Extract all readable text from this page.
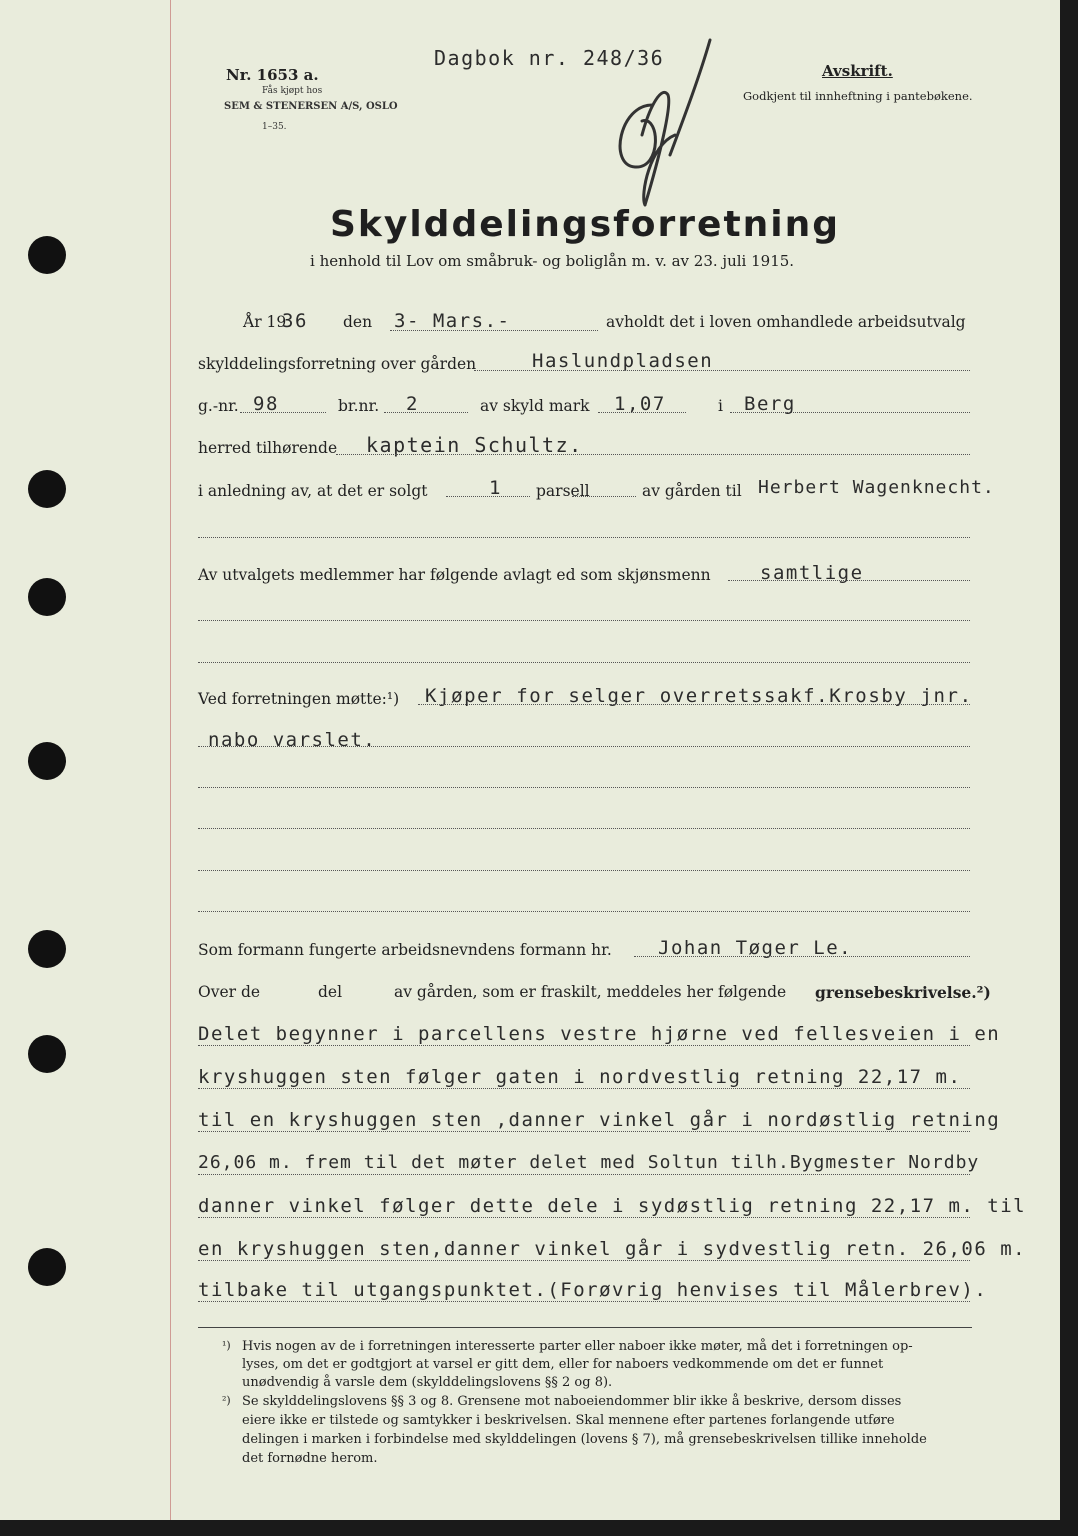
Nr. 1653 a.
Fås kjøpt hos
SEM & STENERSEN A/S, OSLO
1–35.
Dagbok nr. 248/36
Avskrift.
Godkjent til innheftning i pantebøkene.
Skylddelingsforretning
i henhold til Lov om småbruk- og boliglån m. v. av 23. juli 1915.
År 19
36 den 3- Mars.-	avholdt det i loven omhandlede arbeidsutvalg
skylddelingsforretning over gården	Haslundpladsen
g.-nr. 98	br.nr. 2	av skyld mark 1,07	i Berg
herred tilhørende kaptein Schultz.
i anledning av, at det er solgt	1 parsell	av gården til Herbert Wagenknecht.
Av utvalgets medlemmer har følgende avlagt ed som skjønsmenn	samtlige
Ved forretningen møtte:¹) Kjøper for selger overretssakf.Krosby jnr.
nabo varslet.
Som formann fungerte arbeidsnevndens formann hr. Johan Tøger Le.
Over de	del	av gården, som er fraskilt, meddeles her følgende grensebeskrivelse.²)
Delet begynner i parcellens vestre hjørne ved fellesveien i en
kryshuggen sten følger gaten i nordvestlig retning 22,17 m.
til en kryshuggen sten ,danner vinkel går i nordøstlig retning
26,06 m. frem til det møter delet med Soltun tilh.Bygmester Nordby
danner vinkel følger dette dele i sydøstlig retning 22,17 m. til
en kryshuggen sten,danner vinkel går i sydvestlig retn. 26,06 m.
tilbake til utgangspunktet.(Forøvrig henvises til Målerbrev).
¹) Hvis nogen av de i forretningen interesserte parter eller naboer ikke møter, må det i forretningen op-
lyses, om det er godtgjort at varsel er gitt dem, eller for naboers vedkommende om det er funnet
unødvendig å varsle dem (skylddelingslovens §§ 2 og 8).
²) Se skylddelingslovens §§ 3 og 8. Grensene mot naboeiendommer blir ikke å beskrive, dersom disses
eiere ikke er tilstede og samtykker i beskrivelsen. Skal mennene efter partenes forlangende utføre
delingen i marken i forbindelse med skylddelingen (lovens § 7), må grensebeskrivelsen tillike inneholde
det fornødne herom.
